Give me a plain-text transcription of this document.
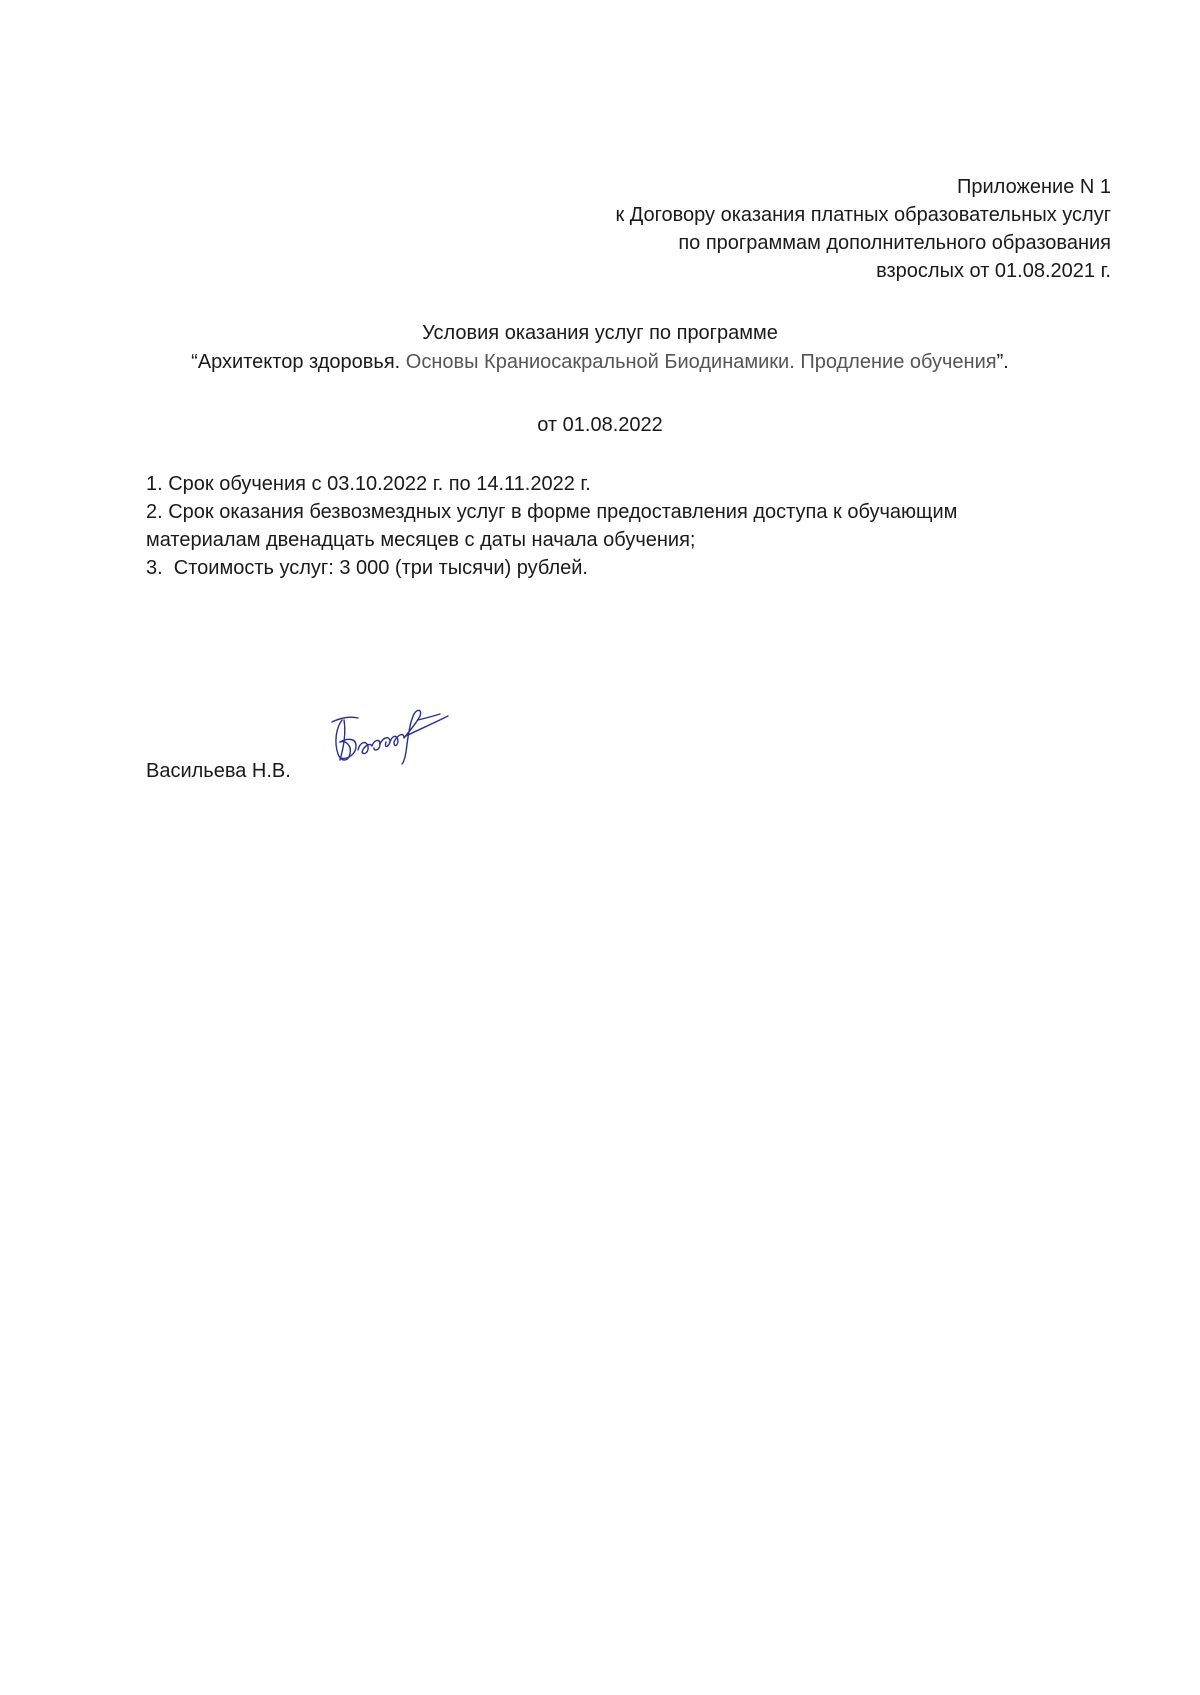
Приложение N 1
к Договору оказания платных образовательных услуг
по программам дополнительного образования
взрослых от 01.08.2021 г.
Условия оказания услуг по программе
“Архитектор здоровья. Основы Краниосакральной Биодинамики. Продление обучения”.
от 01.08.2022
1. Срок обучения с 03.10.2022 г. по 14.11.2022 г.
2. Срок оказания безвозмездных услуг в форме предоставления доступа к обучающим
материалам двенадцать месяцев с даты начала обучения;
3.  Стоимость услуг: 3 000 (три тысячи) рублей.
Васильева Н.В.
